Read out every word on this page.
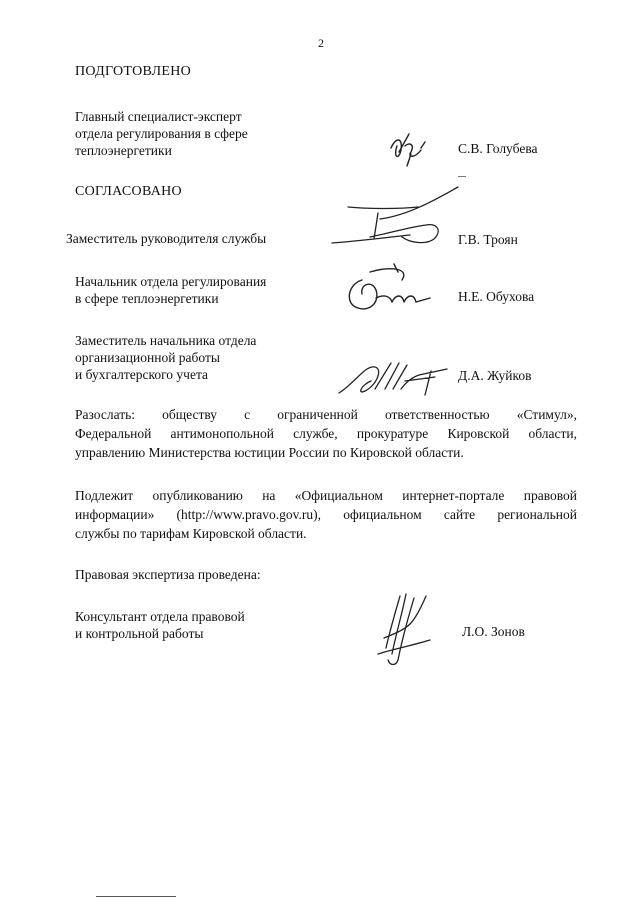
2
ПОДГОТОВЛЕНО
Главный специалист-эксперт
отдела регулирования в сфере
теплоэнергетики	С.В. Голубева
СОГЛАСОВАНО
Заместитель руководителя службы	Г.В. Троян
Начальник отдела регулирования
в сфере теплоэнергетики	Н.Е. Обухова
Заместитель начальника отдела
организационной работы
и бухгалтерского учета	Д.А. Жуйков
Разослать: обществу с ограниченной ответственностью «Стимул»,
Федеральной антимонопольной службе, прокуратуре Кировской области,
управлению Министерства юстиции России по Кировской области.
Подлежит опубликованию на «Официальном интернет-портале правовой
информации» (http://www.pravo.gov.ru), официальном сайте региональной
службы по тарифам Кировской области.
Правовая экспертиза проведена:
Консультант отдела правовой
и контрольной работы	Л.О. Зонов
